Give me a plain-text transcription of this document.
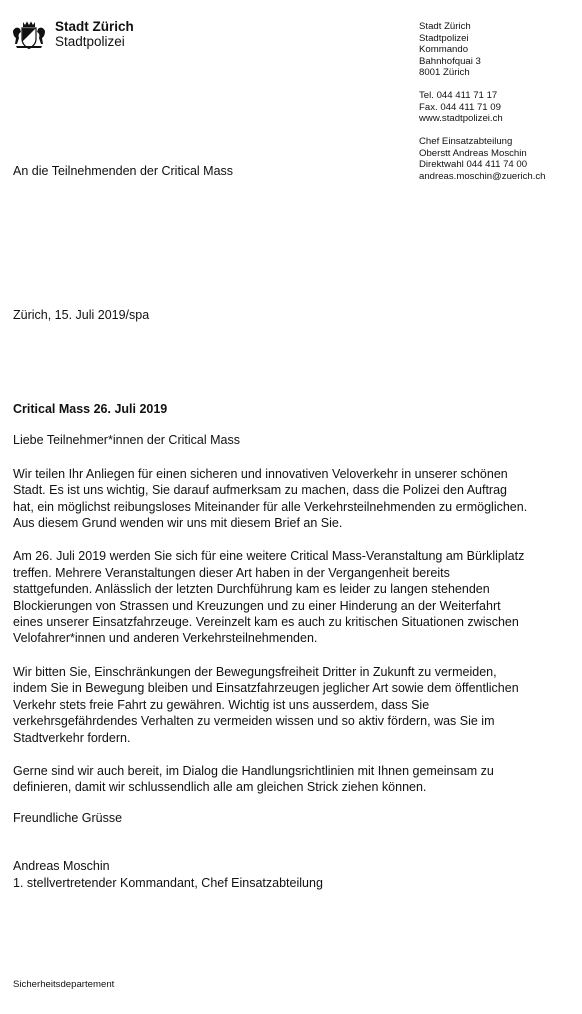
Stadt Zürich
Stadtpolizei
Stadt Zürich
Stadtpolizei
Kommando
Bahnhofquai 3
8001 Zürich
Tel. 044 411 71 17
Fax. 044 411 71 09
www.stadtpolizei.ch
Chef Einsatzabteilung
Oberstt Andreas Moschin
Direktwahl 044 411 74 00
andreas.moschin@zuerich.ch
An die Teilnehmenden der Critical Mass
Zürich, 15. Juli 2019/spa

Critical Mass 26. Juli 2019

Liebe Teilnehmer*innen der Critical Mass

Wir teilen Ihr Anliegen für einen sicheren und innovativen Veloverkehr in unserer schönen
Stadt. Es ist uns wichtig, Sie darauf aufmerksam zu machen, dass die Polizei den Auftrag
hat, ein möglichst reibungsloses Miteinander für alle Verkehrsteilnehmenden zu ermöglichen.
Aus diesem Grund wenden wir uns mit diesem Brief an Sie.

Am 26. Juli 2019 werden Sie sich für eine weitere Critical Mass-Veranstaltung am Bürkliplatz
treffen. Mehrere Veranstaltungen dieser Art haben in der Vergangenheit bereits
stattgefunden. Anlässlich der letzten Durchführung kam es leider zu langen stehenden
Blockierungen von Strassen und Kreuzungen und zu einer Hinderung an der Weiterfahrt
eines unserer Einsatzfahrzeuge. Vereinzelt kam es auch zu kritischen Situationen zwischen
Velofahrer*innen und anderen Verkehrsteilnehmenden.

Wir bitten Sie, Einschränkungen der Bewegungsfreiheit Dritter in Zukunft zu vermeiden,
indem Sie in Bewegung bleiben und Einsatzfahrzeugen jeglicher Art sowie dem öffentlichen
Verkehr stets freie Fahrt zu gewähren. Wichtig ist uns ausserdem, dass Sie
verkehrsgefährdendes Verhalten zu vermeiden wissen und so aktiv fördern, was Sie im
Stadtverkehr fordern.

Gerne sind wir auch bereit, im Dialog die Handlungsrichtlinien mit Ihnen gemeinsam zu
definieren, damit wir schlussendlich alle am gleichen Strick ziehen können.

Freundliche Grüsse

Andreas Moschin

1. stellvertretender Kommandant, Chef Einsatzabteilung

Sicherheitsdepartement
